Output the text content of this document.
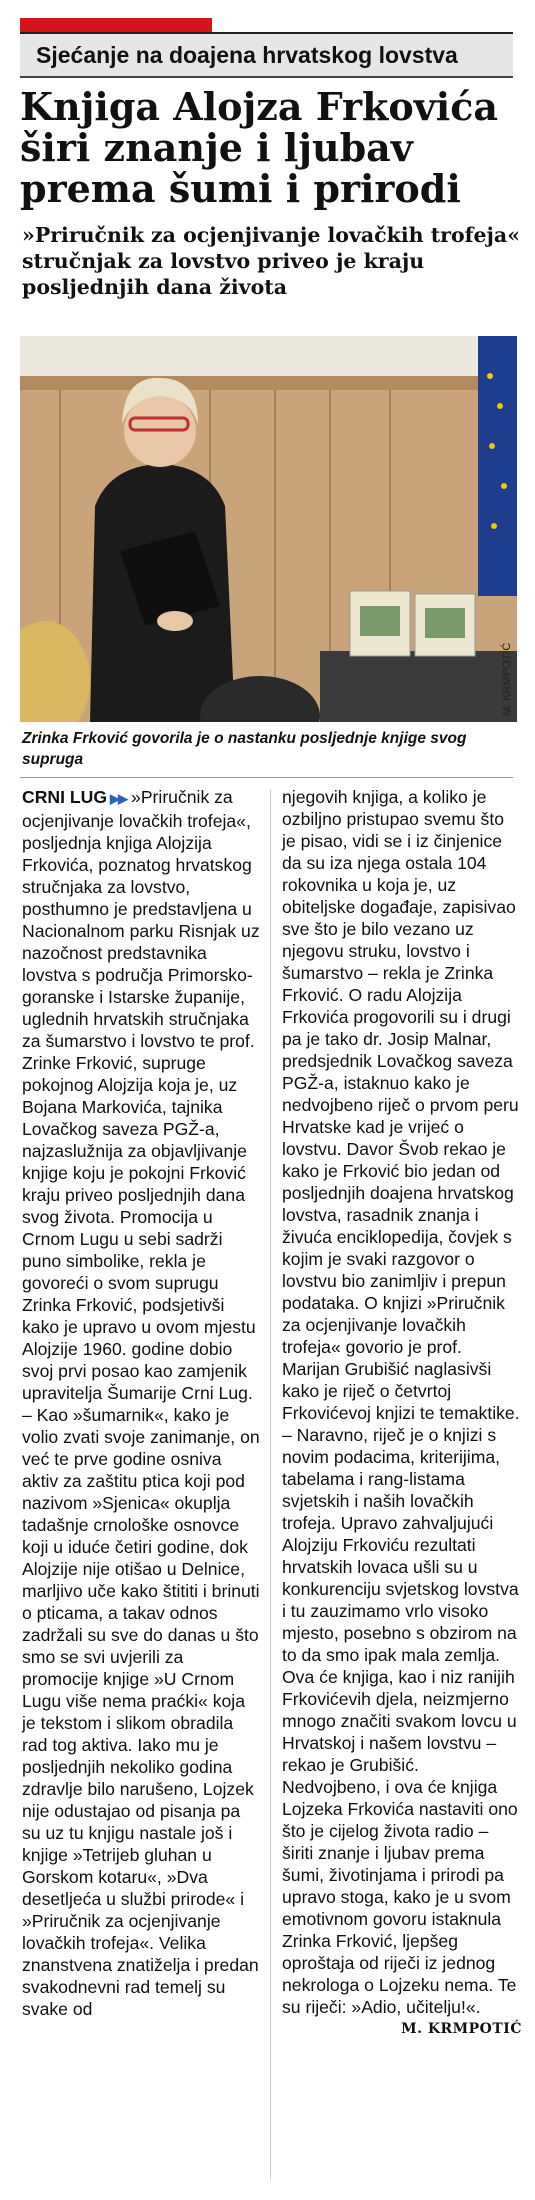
Sjećanje na doajena hrvatskog lovstva
Knjiga Alojza Frkovića širi znanje i ljubav prema šumi i prirodi
»Priručnik za ocjenjivanje lovačkih trofeja« stručnjak za lovstvo priveo je kraju posljednjih dana života
M. KRMPOTIĆ
Zrinka Frković govorila je o nastanku posljednje knjige svog supruga

CRNI LUG ▶▶ »Priručnik za ocjenjivanje lovačkih trofeja«, posljednja knjiga Alojzija Frkovića, poznatog hrvatskog stručnjaka za lovstvo, posthumno je predstavljena u Nacionalnom parku Risnjak uz nazočnost predstavnika lovstva s područja Primorsko-goranske i Istarske županije, uglednih hrvatskih stručnjaka za šumarstvo i lovstvo te prof. Zrinke Frković, supruge pokojnog Alojzija koja je, uz Bojana Markovića, tajnika Lovačkog saveza PGŽ-a, najzaslužnija za objavljivanje knjige koju je pokojni Frković kraju priveo posljednjih dana svog života. Promocija u Crnom Lugu u sebi sadrži puno simbolike, rekla je govoreći o svom suprugu Zrinka Frković, podsjetivši kako je upravo u ovom mjestu Alojzije 1960. godine dobio svoj prvi posao kao zamjenik upravitelja Šumarije Crni Lug.

– Kao »šumarnik«, kako je volio zvati svoje zanimanje, on već te prve godine osniva aktiv za zaštitu ptica koji pod nazivom »Sjenica« okuplja tadašnje crnološke osnovce koji u iduće četiri godine, dok Alojzije nije otišao u Delnice, marljivo uče kako štititi i brinuti o pticama, a takav odnos zadržali su sve do danas u što smo se svi uvjerili za promocije knjige »U Crnom Lugu više nema praćki« koja je tekstom i slikom obradila rad tog aktiva. Iako mu je posljednjih nekoliko godina zdravlje bilo narušeno, Lojzek nije odustajao od pisanja pa su uz tu knjigu nastale još i knjige »Tetrijeb gluhan u Gorskom kotaru«, »Dva desetljeća u službi prirode« i »Priručnik za ocjenjivanje lovačkih trofeja«. Velika znanstvena znatiželja i predan svakodnevni rad temelj su svake od

njegovih knjiga, a koliko je ozbiljno pristupao svemu što je pisao, vidi se i iz činjenice da su iza njega ostala 104 rokovnika u koja je, uz obiteljske događaje, zapisivao sve što je bilo vezano uz njegovu struku, lovstvo i šumarstvo – rekla je Zrinka Frković. O radu Alojzija Frkovića progovorili su i drugi pa je tako dr. Josip Malnar, predsjednik Lovačkog saveza PGŽ-a, istaknuo kako je nedvojbeno riječ o prvom peru Hrvatske kad je vrijeć o lovstvu. Davor Švob rekao je kako je Frković bio jedan od posljednjih doajena hrvatskog lovstva, rasadnik znanja i živuća enciklopedija, čovjek s kojim je svaki razgovor o lovstvu bio zanimljiv i prepun podataka. O knjizi »Priručnik za ocjenjivanje lovačkih trofeja« govorio je prof. Marijan Grubišić naglasivši kako je riječ o četvrtoj Frkovićevoj knjizi te temaktike.

– Naravno, riječ je o knjizi s novim podacima, kriterijima, tabelama i rang-listama svjetskih i naših lovačkih trofeja. Upravo zahvaljujući Alojziju Frkoviću rezultati hrvatskih lovaca ušli su u konkurenciju svjetskog lovstva i tu zauzimamo vrlo visoko mjesto, posebno s obzirom na to da smo ipak mala zemlja. Ova će knjiga, kao i niz ranijih Frkovićevih djela, neizmjerno mnogo značiti svakom lovcu u Hrvatskoj i našem lovstvu – rekao je Grubišić. Nedvojbeno, i ova će knjiga Lojzeka Frkovića nastaviti ono što je cijelog života radio – širiti znanje i ljubav prema šumi, životinjama i prirodi pa upravo stoga, kako je u svom emotivnom govoru istaknula Zrinka Frković, ljepšeg oproštaja od riječi iz jednog nekrologa o Lojzeku nema. Te su riječi: »Adio, učitelju!«.

M. KRMPOTIĆ
